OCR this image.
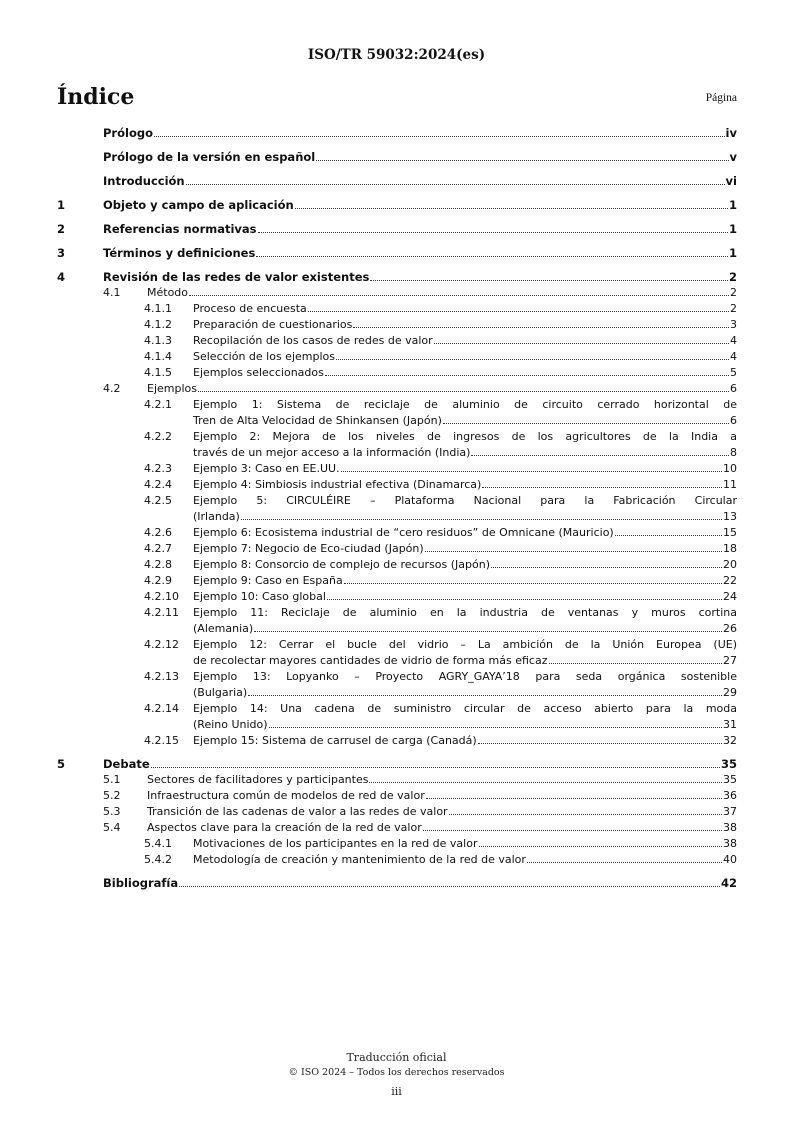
ISO/TR 59032:2024(es)
Índice	Página
Prólogo	iv
Prólogo de la versión en español	v
Introducción	vi
1	Objeto y campo de aplicación	1
2	Referencias normativas	1
3	Términos y definiciones	1
4	Revisión de las redes de valor existentes	2
4.1	Método	2
4.1.1	Proceso de encuesta	2
4.1.2	Preparación de cuestionarios	3
4.1.3	Recopilación de los casos de redes de valor	4
4.1.4	Selección de los ejemplos	4
4.1.5	Ejemplos seleccionados	5
4.2	Ejemplos	6
4.2.1	Ejemplo 1: Sistema de reciclaje de aluminio de circuito cerrado horizontal de
Tren de Alta Velocidad de Shinkansen (Japón)	6
4.2.2	Ejemplo 2: Mejora de los niveles de ingresos de los agricultores de la India a
través de un mejor acceso a la información (India)	8
4.2.3	Ejemplo 3: Caso en EE.UU.	10
4.2.4	Ejemplo 4: Simbiosis industrial efectiva (Dinamarca)	11
4.2.5	Ejemplo 5: CIRCULÉIRE – Plataforma Nacional para la Fabricación Circular
(Irlanda)	13
4.2.6	Ejemplo 6: Ecosistema industrial de “cero residuos” de Omnicane (Mauricio)	15
4.2.7	Ejemplo 7: Negocio de Eco-ciudad (Japón)	18
4.2.8	Ejemplo 8: Consorcio de complejo de recursos (Japón)	20
4.2.9	Ejemplo 9: Caso en España	22
4.2.10	Ejemplo 10: Caso global	24
4.2.11	Ejemplo 11: Reciclaje de aluminio en la industria de ventanas y muros cortina
(Alemania)	26
4.2.12	Ejemplo 12: Cerrar el bucle del vidrio – La ambición de la Unión Europea (UE)
de recolectar mayores cantidades de vidrio de forma más eficaz	27
4.2.13	Ejemplo 13: Lopyanko – Proyecto AGRY_GAYA’18 para seda orgánica sostenible
(Bulgaria)	29
4.2.14	Ejemplo 14: Una cadena de suministro circular de acceso abierto para la moda
(Reino Unido)	31
4.2.15	Ejemplo 15: Sistema de carrusel de carga (Canadá)	32
5	Debate	35
5.1	Sectores de facilitadores y participantes	35
5.2	Infraestructura común de modelos de red de valor	36
5.3	Transición de las cadenas de valor a las redes de valor	37
5.4	Aspectos clave para la creación de la red de valor	38
5.4.1	Motivaciones de los participantes en la red de valor	38
5.4.2	Metodología de creación y mantenimiento de la red de valor	40
Bibliografía	42
Traducción oficial
© ISO 2024 – Todos los derechos reservados
iii
